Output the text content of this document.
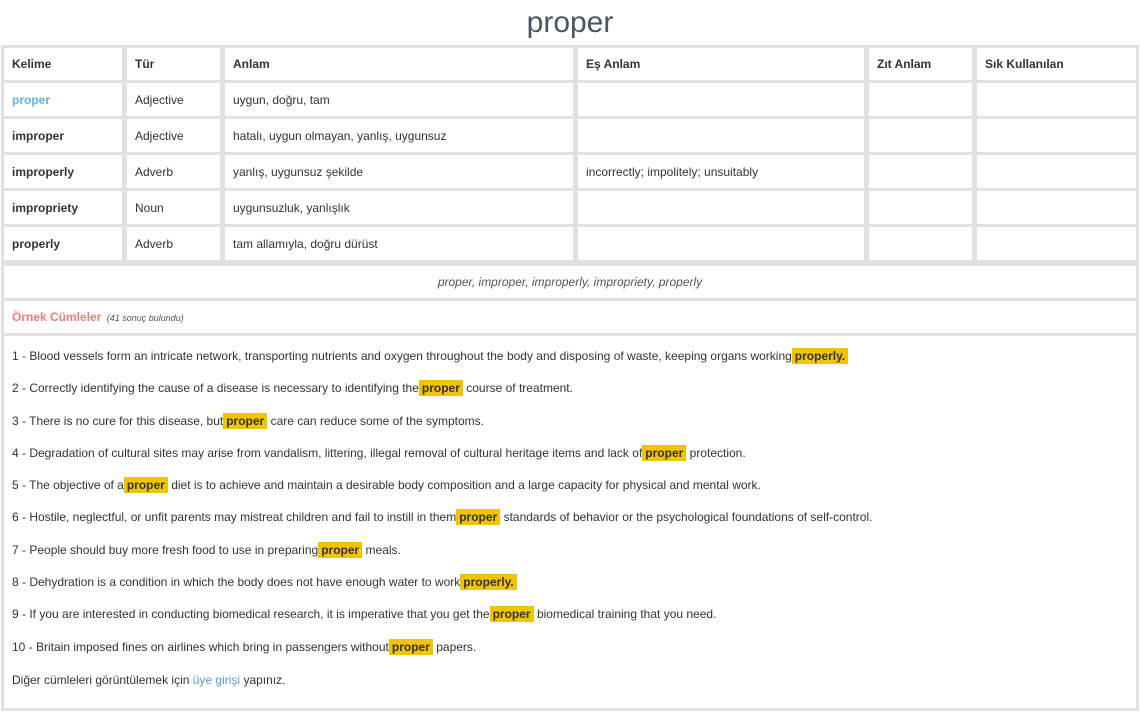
proper
Kelime	Tür	Anlam	Eş Anlam	Zıt Anlam	Sık Kullanılan
proper	Adjective	uygun, doğru, tam			
improper	Adjective	hatalı, uygun olmayan, yanlış, uygunsuz			
improperly	Adverb	yanlış, uygunsuz şekilde	incorrectly; impolitely; unsuitably		
impropriety	Noun	uygunsuzluk, yanlışlık			
properly	Adverb	tam allamıyla, doğru dürüst			
proper, improper, improperly, impropriety, properly
Örnek Cümleler (41 sonuç bulundu)
1 - Blood vessels form an intricate network, transporting nutrients and oxygen throughout the body and disposing of waste, keeping organs working properly.
2 - Correctly identifying the cause of a disease is necessary to identifying the proper course of treatment.
3 - There is no cure for this disease, but proper care can reduce some of the symptoms.
4 - Degradation of cultural sites may arise from vandalism, littering, illegal removal of cultural heritage items and lack of proper protection.
5 - The objective of a proper diet is to achieve and maintain a desirable body composition and a large capacity for physical and mental work.
6 - Hostile, neglectful, or unfit parents may mistreat children and fail to instill in them proper standards of behavior or the psychological foundations of self-control.
7 - People should buy more fresh food to use in preparing proper meals.
8 - Dehydration is a condition in which the body does not have enough water to work properly.
9 - If you are interested in conducting biomedical research, it is imperative that you get the proper biomedical training that you need.
10 - Britain imposed fines on airlines which bring in passengers without proper papers.
Diğer cümleleri görüntülemek için üye girişi yapınız.
